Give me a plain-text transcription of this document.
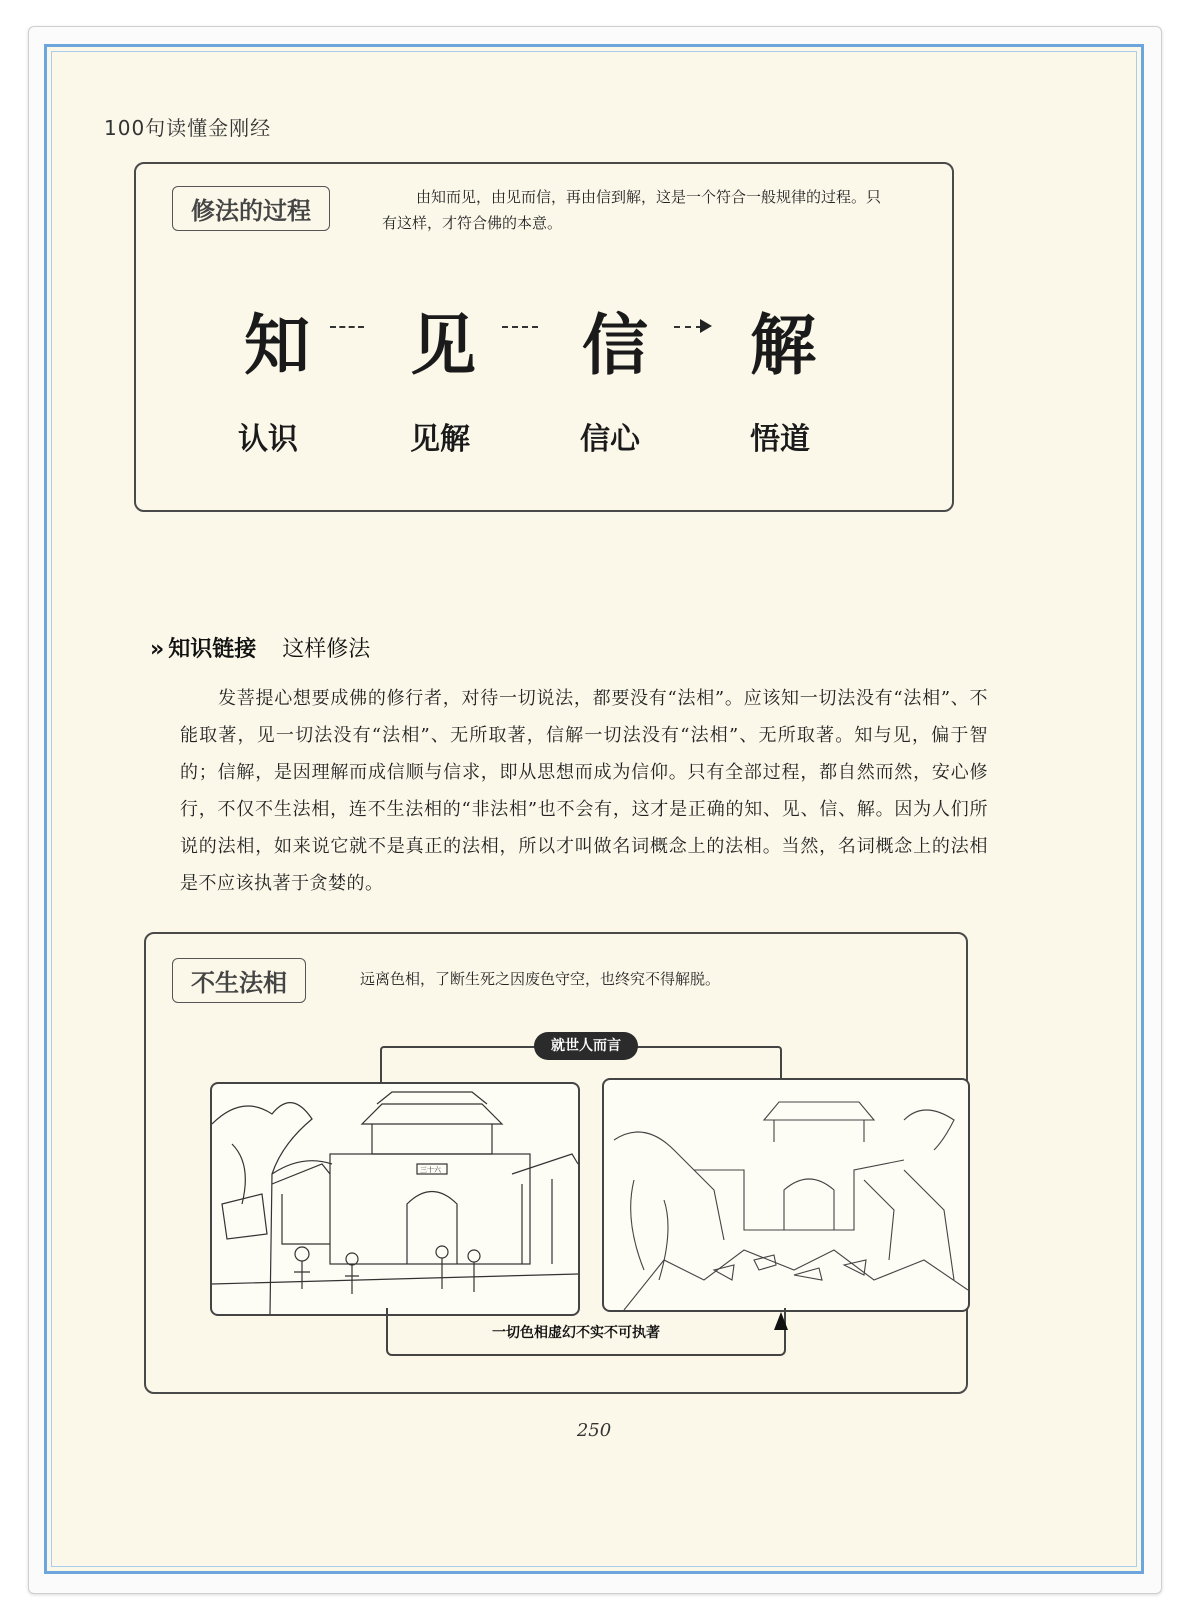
100句读懂金刚经
修法的过程	由知而见，由见而信，再由信到解，这是一个符合一般规律的过程。只有这样，才符合佛的本意。
知 见 信 解
认识	见解	信心	悟道
» 知识链接 这样修法
发菩提心想要成佛的修行者，对待一切说法，都要没有“法相”。应该知一切法没有“法相”、不能取著，见一切法没有“法相”、无所取著，信解一切法没有“法相”、无所取著。知与见，偏于智的；信解，是因理解而成信顺与信求，即从思想而成为信仰。只有全部过程，都自然而然，安心修行，不仅不生法相，连不生法相的“非法相”也不会有，这才是正确的知、见、信、解。因为人们所说的法相，如来说它就不是真正的法相，所以才叫做名词概念上的法相。当然，名词概念上的法相是不应该执著于贪婪的。
不生法相	远离色相，了断生死之因废色守空，也终究不得解脱。
就世人而言
三十六
一切色相虚幻不实不可执著
250
